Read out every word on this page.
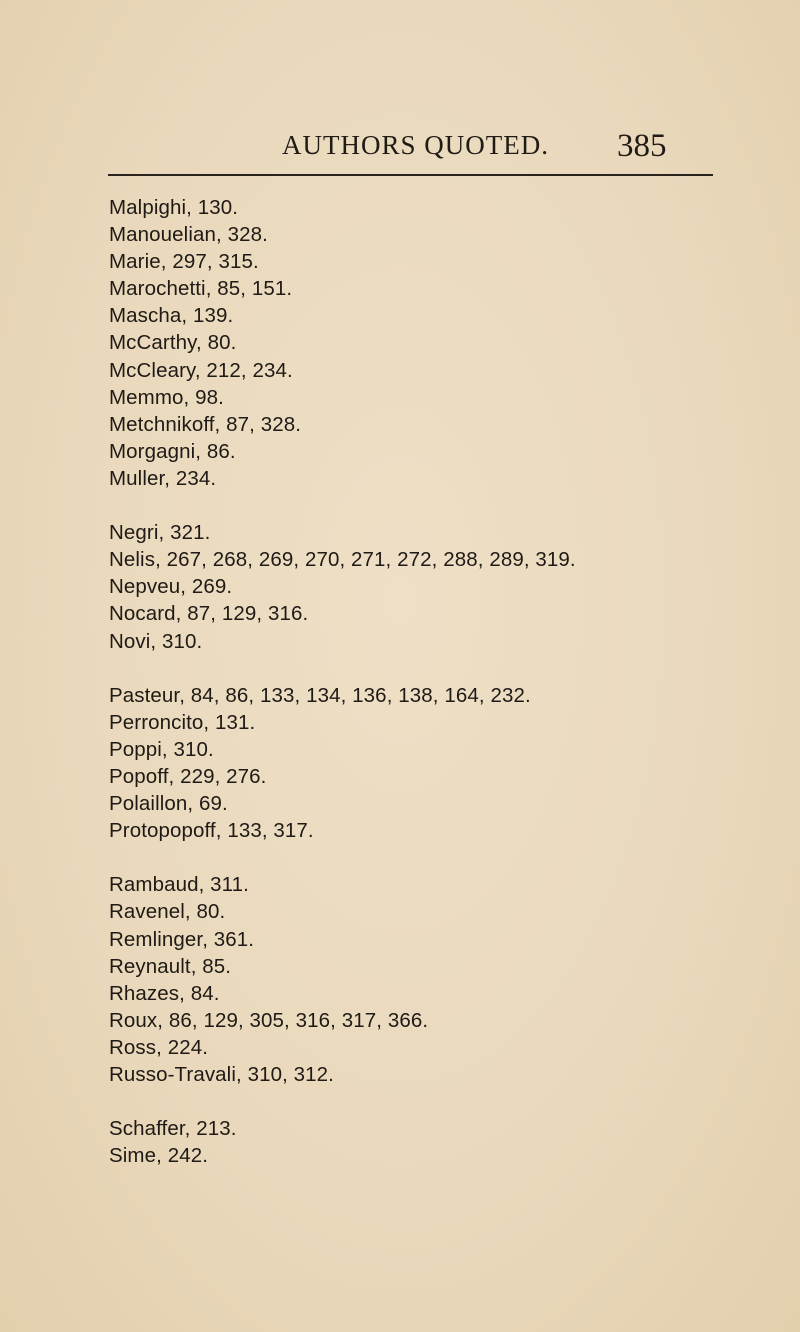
AUTHORS QUOTED. 385
Malpighi, 130.
Manouelian, 328.
Marie, 297, 315.
Marochetti, 85, 151.
Mascha, 139.
McCarthy, 80.
McCleary, 212, 234.
Memmo, 98.
Metchnikoff, 87, 328.
Morgagni, 86.
Muller, 234.
Negri, 321.
Nelis, 267, 268, 269, 270, 271, 272, 288, 289, 319.
Nepveu, 269.
Nocard, 87, 129, 316.
Novi, 310.
Pasteur, 84, 86, 133, 134, 136, 138, 164, 232.
Perroncito, 131.
Poppi, 310.
Popoff, 229, 276.
Polaillon, 69.
Protopopoff, 133, 317.
Rambaud, 311.
Ravenel, 80.
Remlinger, 361.
Reynault, 85.
Rhazes, 84.
Roux, 86, 129, 305, 316, 317, 366.
Ross, 224.
Russo-Travali, 310, 312.
Schaffer, 213.
Sime, 242.
